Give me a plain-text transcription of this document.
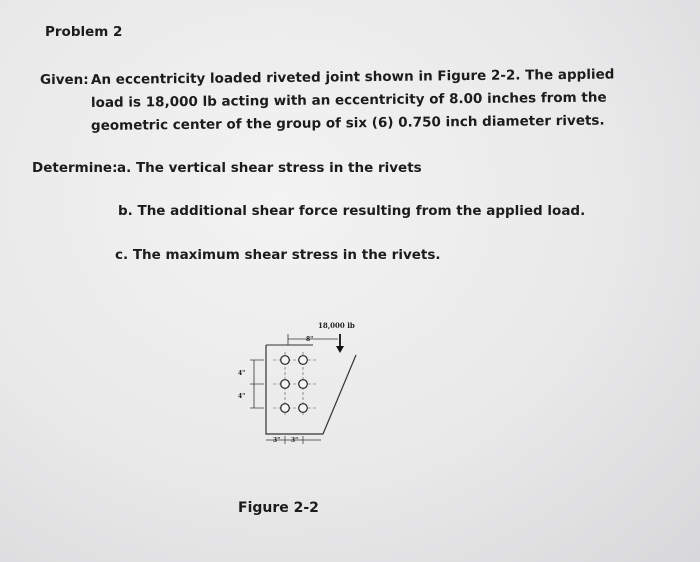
Problem 2
Given: An eccentricity loaded riveted joint shown in Figure 2-2. The applied
load is 18,000 lb acting with an eccentricity of 8.00 inches from the
geometric center of the group of six (6) 0.750 inch diameter rivets.
Determine: a. The vertical shear stress in the rivets
b. The additional shear force resulting from the applied load.
c. The maximum shear stress in the rivets.
8"
18,000 lb
4"
4"
3" 3"
Figure 2-2
